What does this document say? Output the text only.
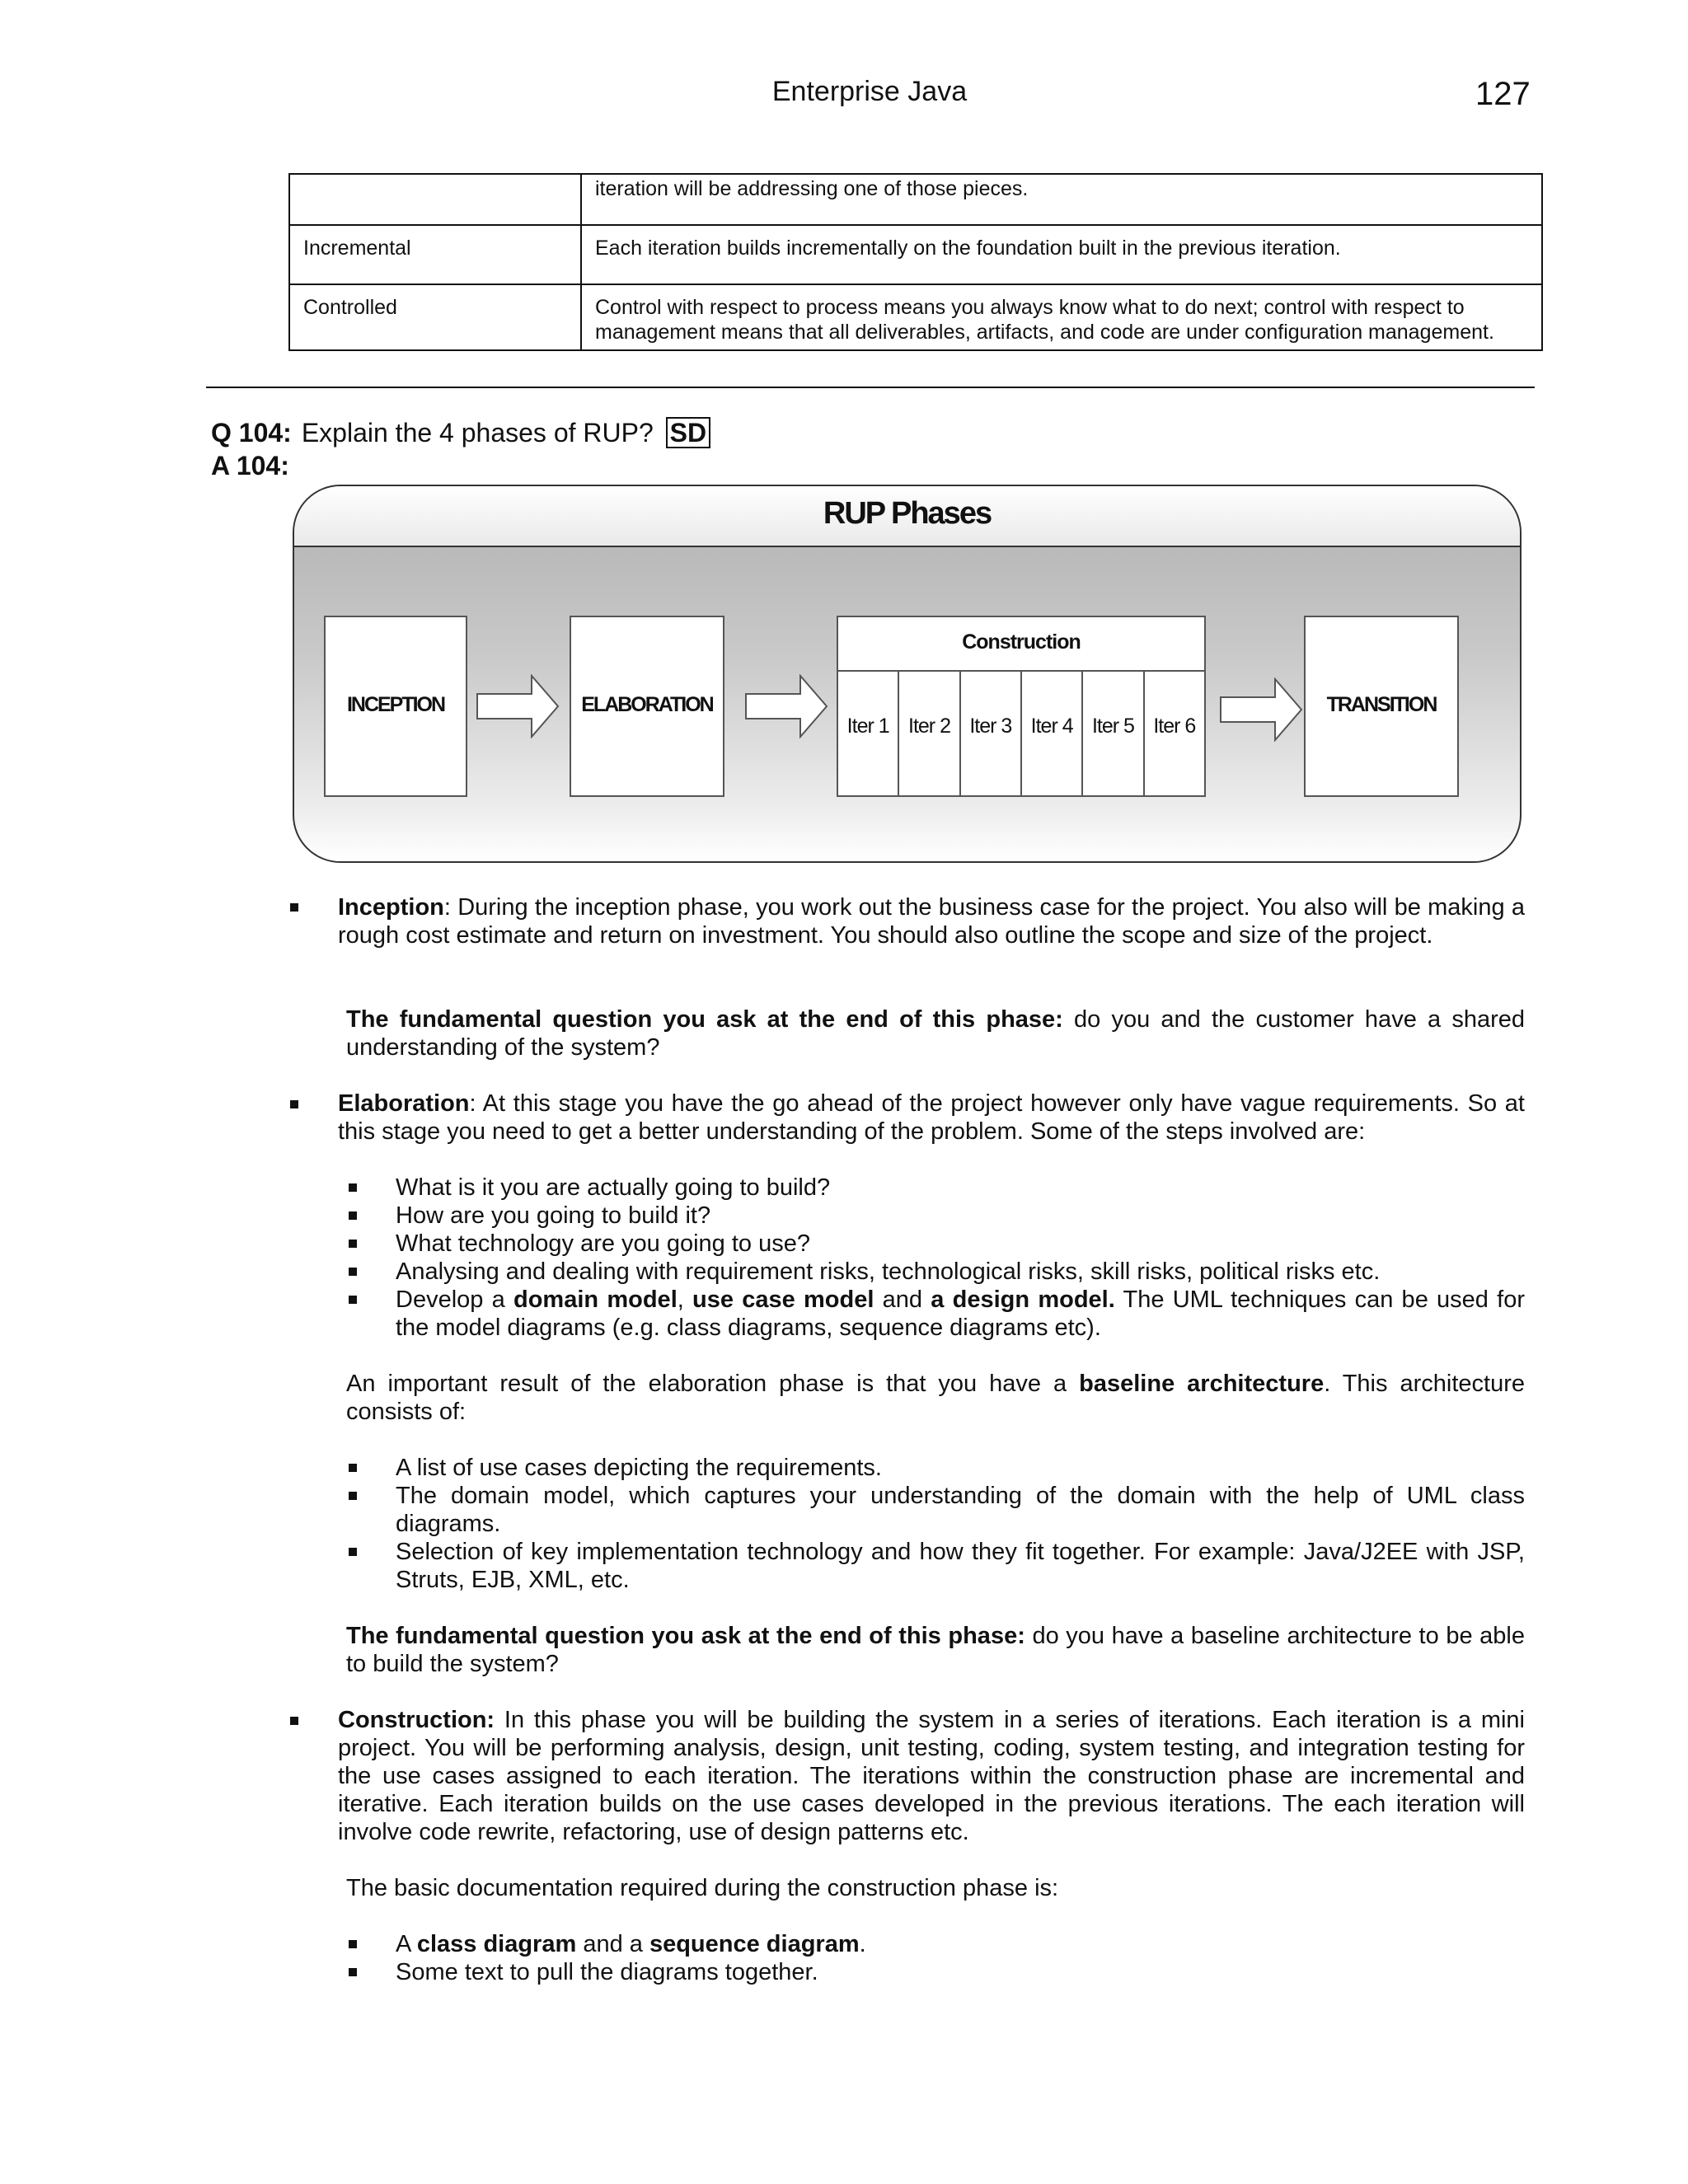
Enterprise Java	127
	iteration will be addressing one of those pieces.
Incremental	Each iteration builds incrementally on the foundation built in the previous iteration.
Controlled	Control with respect to process means you always know what to do next; control with respect to management means that all deliverables, artifacts, and code are under configuration management.
Q 104: Explain the 4 phases of RUP? SD
A 104:
RUP Phases
INCEPTION	ELABORATION
Construction
Iter 1 Iter 2 Iter 3 Iter 4 Iter 5 Iter 6
TRANSITION
Inception: During the inception phase, you work out the business case for the project. You also will be making a rough cost estimate and return on investment. You should also outline the scope and size of the project.
The fundamental question you ask at the end of this phase: do you and the customer have a shared understanding of the system?
Elaboration: At this stage you have the go ahead of the project however only have vague requirements. So at this stage you need to get a better understanding of the problem. Some of the steps involved are:
What is it you are actually going to build?
How are you going to build it?
What technology are you going to use?
Analysing and dealing with requirement risks, technological risks, skill risks, political risks etc.
Develop a domain model, use case model and a design model. The UML techniques can be used for the model diagrams (e.g. class diagrams, sequence diagrams etc).
An important result of the elaboration phase is that you have a baseline architecture. This architecture consists of:
A list of use cases depicting the requirements.
The domain model, which captures your understanding of the domain with the help of UML class diagrams.
Selection of key implementation technology and how they fit together. For example: Java/J2EE with JSP, Struts, EJB, XML, etc.
The fundamental question you ask at the end of this phase: do you have a baseline architecture to be able to build the system?
Construction: In this phase you will be building the system in a series of iterations. Each iteration is a mini project. You will be performing analysis, design, unit testing, coding, system testing, and integration testing for the use cases assigned to each iteration. The iterations within the construction phase are incremental and iterative. Each iteration builds on the use cases developed in the previous iterations. The each iteration will involve code rewrite, refactoring, use of design patterns etc.
The basic documentation required during the construction phase is:
A class diagram and a sequence diagram.
Some text to pull the diagrams together.
